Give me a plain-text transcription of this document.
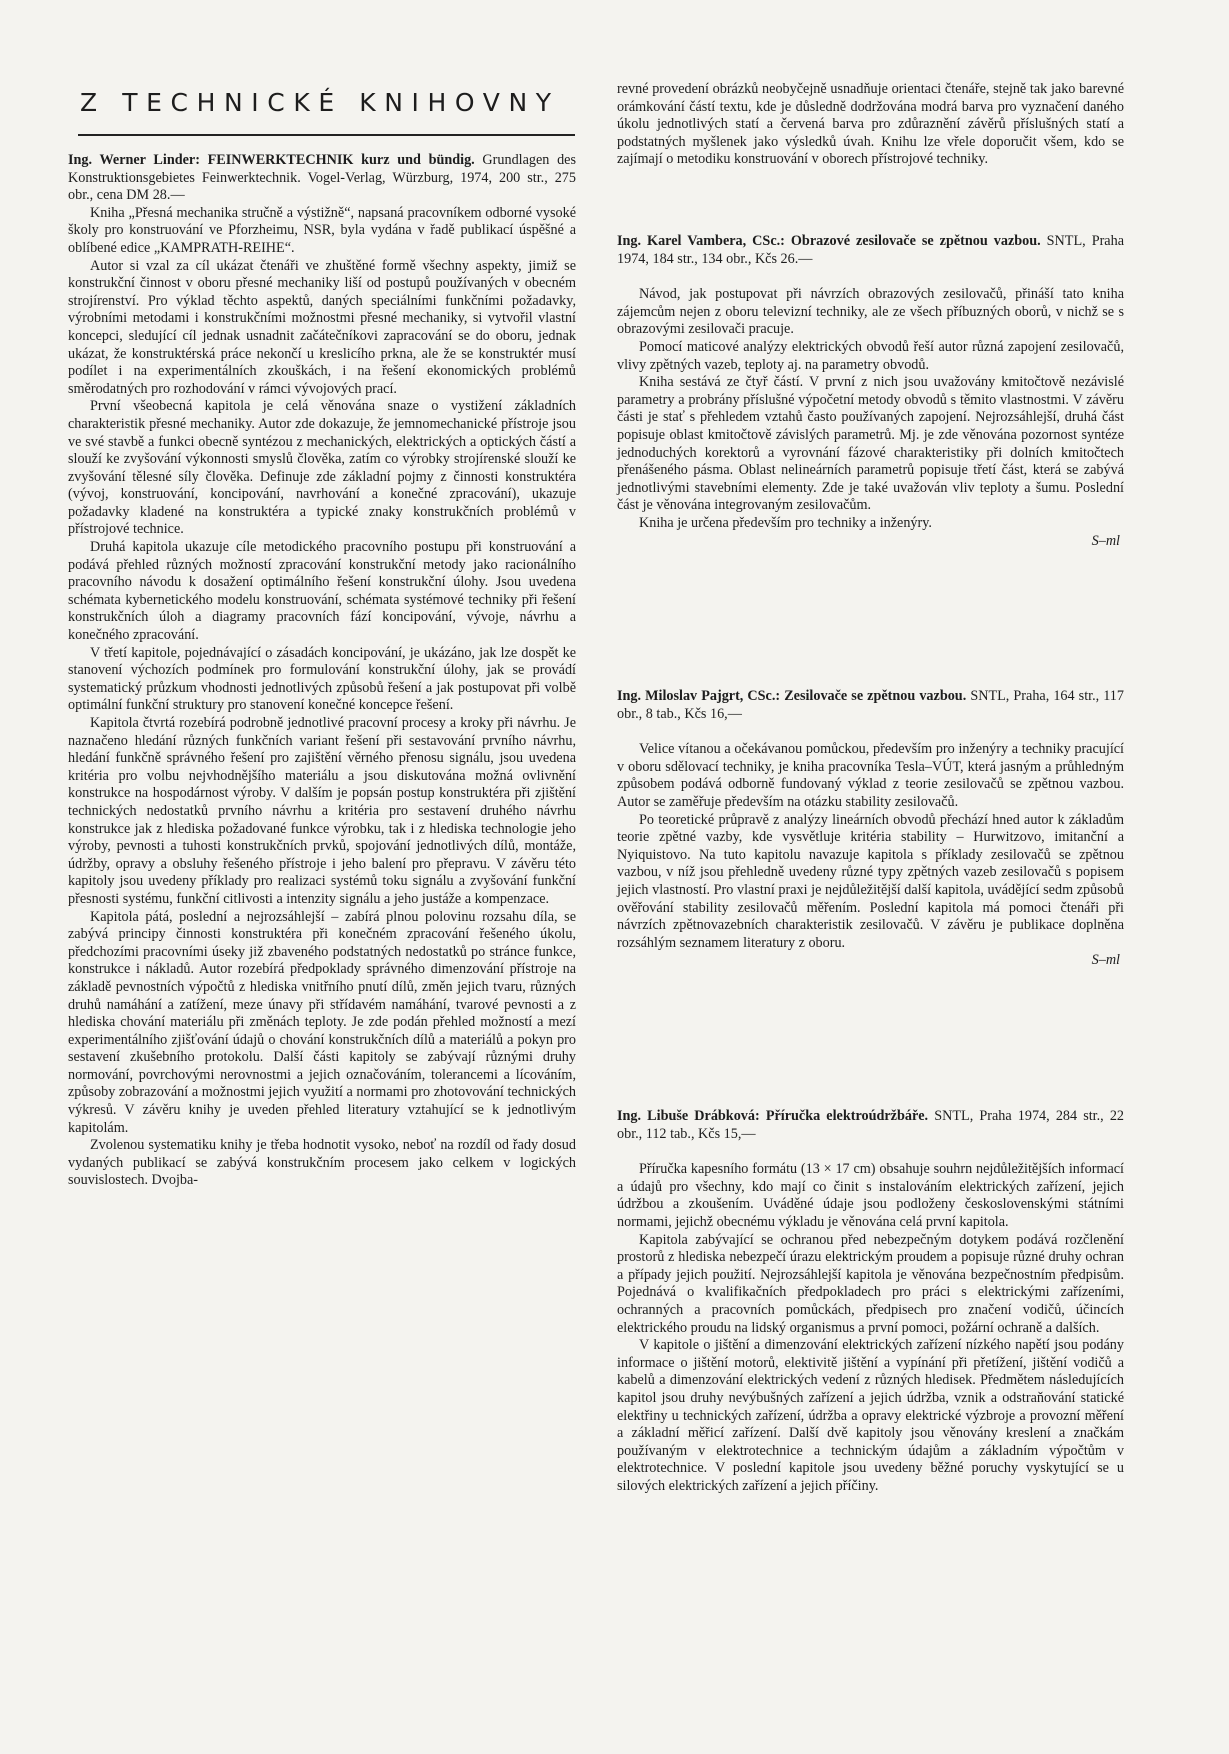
Z TECHNICKÉ KNIHOVNY

Ing. Werner Linder: FEINWERKTECHNIK kurz und bündig. Grundlagen des Konstruktionsgebietes Feinwerktechnik. Vogel-Verlag, Würzburg, 1974, 200 str., 275 obr., cena DM 28.—

Kniha „Přesná mechanika stručně a výstižně“, napsaná pracovníkem odborné vysoké školy pro konstruování ve Pforzheimu, NSR, byla vydána v řadě publikací úspěšné a oblíbené edice „KAMPRATH-REIHE“.

Autor si vzal za cíl ukázat čtenáři ve zhuštěné formě všechny aspekty, jimiž se konstrukční činnost v oboru přesné mechaniky liší od postupů používaných v obecném strojírenství. Pro výklad těchto aspektů, daných speciálními funkčními požadavky, výrobními metodami i konstrukčními možnostmi přesné mechaniky, si vytvořil vlastní koncepci, sledující cíl jednak usnadnit začátečníkovi zapracování se do oboru, jednak ukázat, že konstruktérská práce nekončí u kreslicího prkna, ale že se konstruktér musí podílet i na experimentálních zkouškách, i na řešení ekonomických problémů směrodatných pro rozhodování v rámci vývojových prací.

První všeobecná kapitola je celá věnována snaze o vystižení základních charakteristik přesné mechaniky. Autor zde dokazuje, že jemnomechanické přístroje jsou ve své stavbě a funkci obecně syntézou z mechanických, elektrických a optických částí a slouží ke zvyšování výkonnosti smyslů člověka, zatím co výrobky strojírenské slouží ke zvyšování tělesné síly člověka. Definuje zde základní pojmy z činnosti konstruktéra (vývoj, konstruování, koncipování, navrhování a konečné zpracování), ukazuje požadavky kladené na konstruktéra a typické znaky konstrukčních problémů v přístrojové technice.

Druhá kapitola ukazuje cíle metodického pracovního postupu při konstruování a podává přehled různých možností zpracování konstrukční metody jako racionálního pracovního návodu k dosažení optimálního řešení konstrukční úlohy. Jsou uvedena schémata kybernetického modelu konstruování, schémata systémové techniky při řešení konstrukčních úloh a diagramy pracovních fází koncipování, vývoje, návrhu a konečného zpracování.

V třetí kapitole, pojednávající o zásadách koncipování, je ukázáno, jak lze dospět ke stanovení výchozích podmínek pro formulování konstrukční úlohy, jak se provádí systematický průzkum vhodnosti jednotlivých způsobů řešení a jak postupovat při volbě optimální funkční struktury pro stanovení konečné koncepce řešení.

Kapitola čtvrtá rozebírá podrobně jednotlivé pracovní procesy a kroky při návrhu. Je naznačeno hledání různých funkčních variant řešení při sestavování prvního návrhu, hledání funkčně správného řešení pro zajištění věrného přenosu signálu, jsou uvedena kritéria pro volbu nejvhodnějšího materiálu a jsou diskutována možná ovlivnění konstrukce na hospodárnost výroby. V dalším je popsán postup konstruktéra při zjištění technických nedostatků prvního návrhu a kritéria pro sestavení druhého návrhu konstrukce jak z hlediska požadované funkce výrobku, tak i z hlediska technologie jeho výroby, pevnosti a tuhosti konstrukčních prvků, spojování jednotlivých dílů, montáže, údržby, opravy a obsluhy řešeného přístroje i jeho balení pro přepravu. V závěru této kapitoly jsou uvedeny příklady pro realizaci systémů toku signálu a zvyšování funkční přesnosti systému, funkční citlivosti a intenzity signálu a jeho justáže a kompenzace.

Kapitola pátá, poslední a nejrozsáhlejší – zabírá plnou polovinu rozsahu díla, se zabývá principy činnosti konstruktéra při konečném zpracování řešeného úkolu, předchozími pracovními úseky již zbaveného podstatných nedostatků po stránce funkce, konstrukce i nákladů. Autor rozebírá předpoklady správného dimenzování přístroje na základě pevnostních výpočtů z hlediska vnitřního pnutí dílů, změn jejich tvaru, různých druhů namáhání a zatížení, meze únavy při střídavém namáhání, tvarové pevnosti a z hlediska chování materiálu při změnách teploty. Je zde podán přehled možností a mezí experimentálního zjišťování údajů o chování konstrukčních dílů a materiálů a pokyn pro sestavení zkušebního protokolu. Další části kapitoly se zabývají různými druhy normování, povrchovými nerovnostmi a jejich označováním, tolerancemi a lícováním, způsoby zobrazování a možnostmi jejich využití a normami pro zhotovování technických výkresů. V závěru knihy je uveden přehled literatury vztahující se k jednotlivým kapitolám.

Zvolenou systematiku knihy je třeba hodnotit vysoko, neboť na rozdíl od řady dosud vydaných publikací se zabývá konstrukčním procesem jako celkem v logických souvislostech. Dvojba-

revné provedení obrázků neobyčejně usnadňuje orientaci čtenáře, stejně tak jako barevné orámkování částí textu, kde je důsledně dodržována modrá barva pro vyznačení daného úkolu jednotlivých statí a červená barva pro zdůraznění závěrů příslušných statí a podstatných myšlenek jako výsledků úvah. Knihu lze vřele doporučit všem, kdo se zajímají o metodiku konstruování v oborech přístrojové techniky.

Ing. Karel Vambera, CSc.: Obrazové zesilovače se zpětnou vazbou. SNTL, Praha 1974, 184 str., 134 obr., Kčs 26.—

Návod, jak postupovat při návrzích obrazových zesilovačů, přináší tato kniha zájemcům nejen z oboru televizní techniky, ale ze všech příbuzných oborů, v nichž se s obrazovými zesilovači pracuje.

Pomocí maticové analýzy elektrických obvodů řeší autor různá zapojení zesilovačů, vlivy zpětných vazeb, teploty aj. na parametry obvodů.

Kniha sestává ze čtyř částí. V první z nich jsou uvažovány kmitočtově nezávislé parametry a probrány příslušné výpočetní metody obvodů s těmito vlastnostmi. V závěru části je stať s přehledem vztahů často používaných zapojení. Nejrozsáhlejší, druhá část popisuje oblast kmitočtově závislých parametrů. Mj. je zde věnována pozornost syntéze jednoduchých korektorů a vyrovnání fázové charakteristiky při dolních kmitočtech přenášeného pásma. Oblast nelineárních parametrů popisuje třetí část, která se zabývá jednotlivými stavebními elementy. Zde je také uvažován vliv teploty a šumu. Poslední část je věnována integrovaným zesilovačům.

Kniha je určena především pro techniky a inženýry.

S–ml

Ing. Miloslav Pajgrt, CSc.: Zesilovače se zpětnou vazbou. SNTL, Praha, 164 str., 117 obr., 8 tab., Kčs 16,—

Velice vítanou a očekávanou pomůckou, především pro inženýry a techniky pracující v oboru sdělovací techniky, je kniha pracovníka Tesla–VÚT, která jasným a průhledným způsobem podává odborně fundovaný výklad z teorie zesilovačů se zpětnou vazbou. Autor se zaměřuje především na otázku stability zesilovačů.

Po teoretické průpravě z analýzy lineárních obvodů přechází hned autor k základům teorie zpětné vazby, kde vysvětluje kritéria stability – Hurwitzovo, imitanční a Nyiquistovo. Na tuto kapitolu navazuje kapitola s příklady zesilovačů se zpětnou vazbou, v níž jsou přehledně uvedeny různé typy zpětných vazeb zesilovačů s popisem jejich vlastností. Pro vlastní praxi je nejdůležitější další kapitola, uvádějící sedm způsobů ověřování stability zesilovačů měřením. Poslední kapitola má pomoci čtenáři při návrzích zpětnovazebních charakteristik zesilovačů. V závěru je publikace doplněna rozsáhlým seznamem literatury z oboru.

S–ml

Ing. Libuše Drábková: Příručka elektroúdržbáře. SNTL, Praha 1974, 284 str., 22 obr., 112 tab., Kčs 15,—

Příručka kapesního formátu (13 × 17 cm) obsahuje souhrn nejdůležitějších informací a údajů pro všechny, kdo mají co činit s instalováním elektrických zařízení, jejich údržbou a zkoušením. Uváděné údaje jsou podloženy československými státními normami, jejichž obecnému výkladu je věnována celá první kapitola.

Kapitola zabývající se ochranou před nebezpečným dotykem podává rozčlenění prostorů z hlediska nebezpečí úrazu elektrickým proudem a popisuje různé druhy ochran a případy jejich použití. Nejrozsáhlejší kapitola je věnována bezpečnostním předpisům. Pojednává o kvalifikačních předpokladech pro práci s elektrickými zařízeními, ochranných a pracovních pomůckách, předpisech pro značení vodičů, účincích elektrického proudu na lidský organismus a první pomoci, požární ochraně a dalších.

V kapitole o jištění a dimenzování elektrických zařízení nízkého napětí jsou podány informace o jištění motorů, elektivitě jištění a vypínání při přetížení, jištění vodičů a kabelů a dimenzování elektrických vedení z různých hledisek. Předmětem následujících kapitol jsou druhy nevýbušných zařízení a jejich údržba, vznik a odstraňování statické elektřiny u technických zařízení, údržba a opravy elektrické výzbroje a provozní měření a základní měřicí zařízení. Další dvě kapitoly jsou věnovány kreslení a značkám používaným v elektrotechnice a technickým údajům a základním výpočtům v elektrotechnice. V poslední kapitole jsou uvedeny běžné poruchy vyskytující se u silových elektrických zařízení a jejich příčiny.
